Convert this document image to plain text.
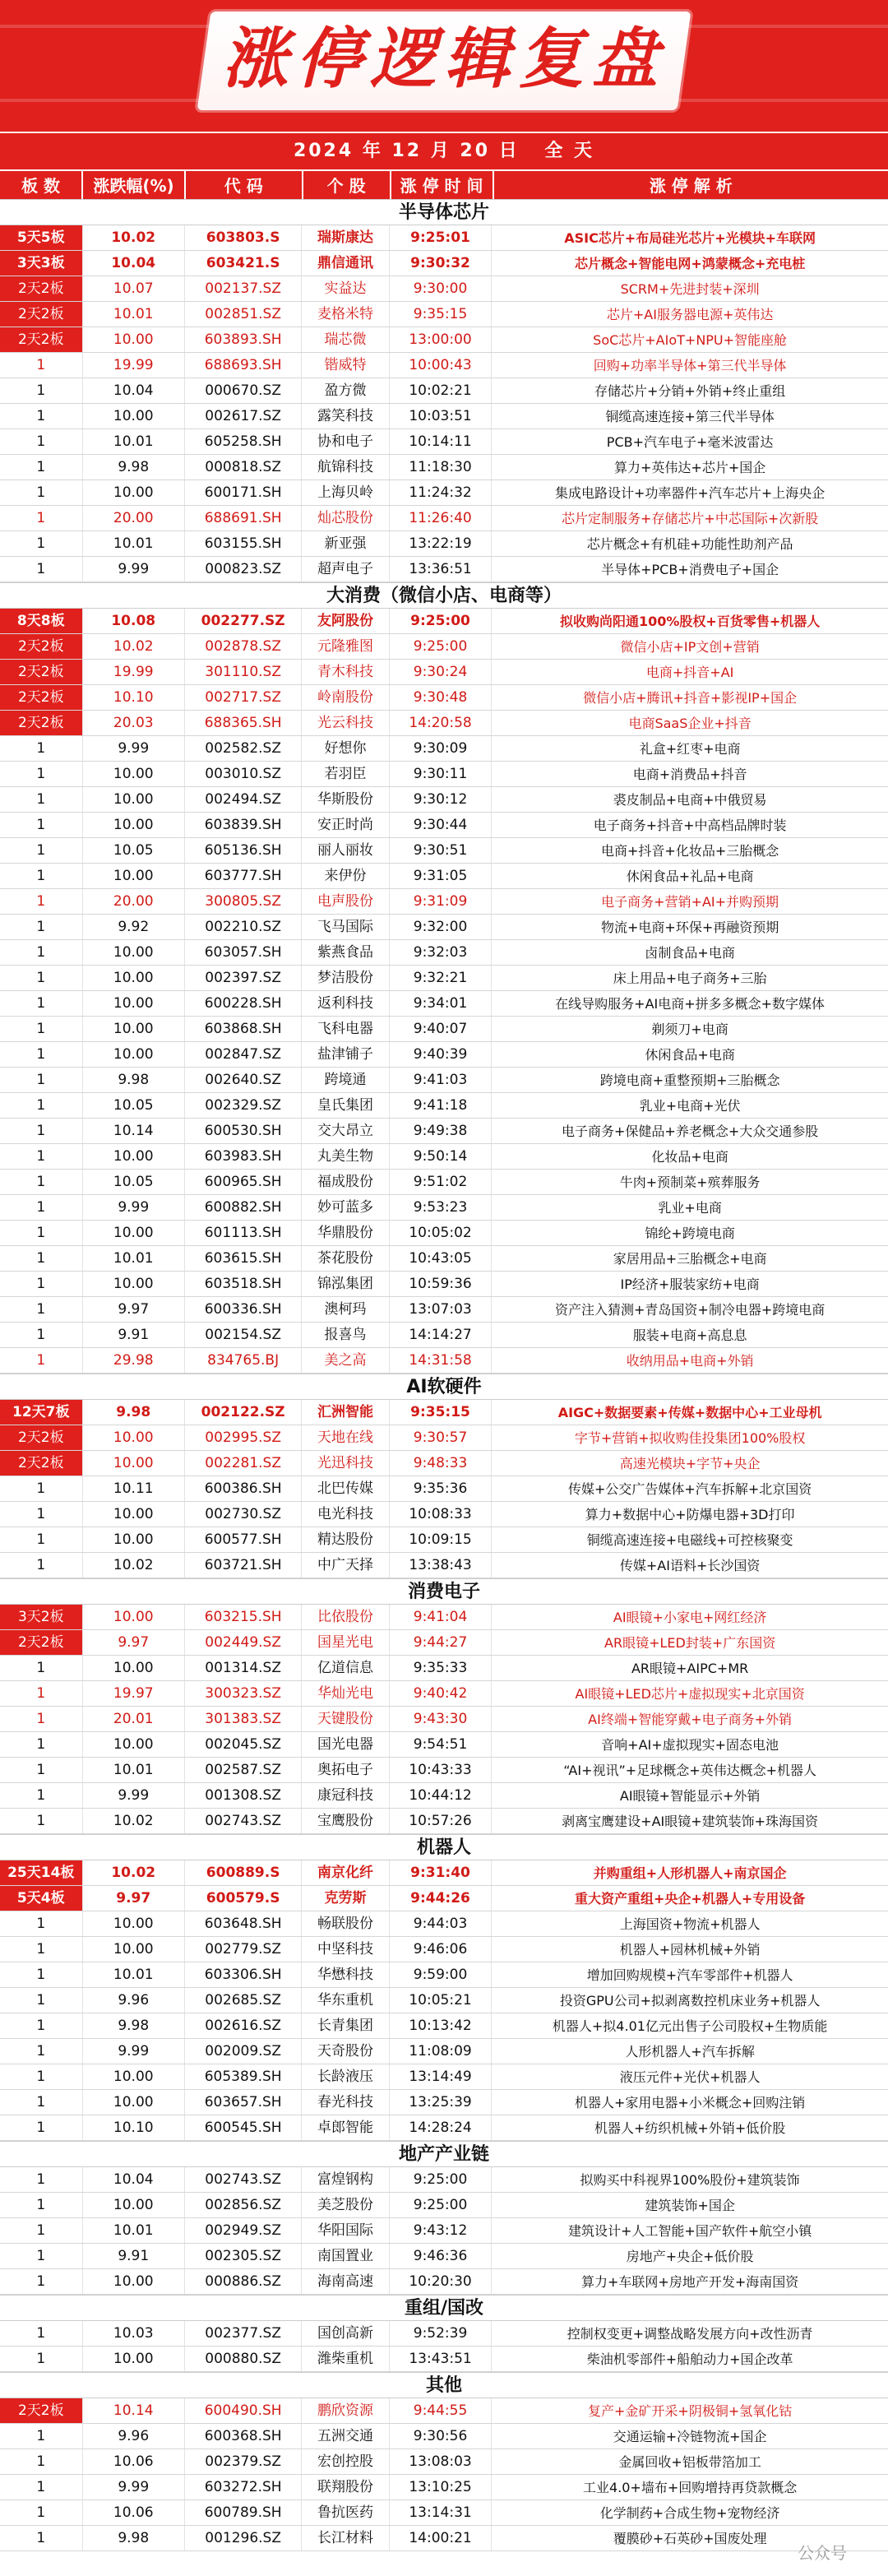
涨停逻辑复盘
2024 年 12 月 20 日 全 天
板 数	涨跌幅(%)	代 码	个 股	涨 停 时 间	涨 停 解 析
半导体芯片
5天5板	10.02	603803.S	瑞斯康达	9:25:01	ASIC芯片+布局硅光芯片+光模块+车联网
3天3板	10.04	603421.S	鼎信通讯	9:30:32	芯片概念+智能电网+鸿蒙概念+充电桩
2天2板	10.07	002137.SZ	实益达	9:30:00	SCRM+先进封装+深圳
2天2板	10.01	002851.SZ	麦格米特	9:35:15	芯片+AI服务器电源+英伟达
2天2板	10.00	603893.SH	瑞芯微	13:00:00	SoC芯片+AIoT+NPU+智能座舱
1	19.99	688693.SH	锴威特	10:00:43	回购+功率半导体+第三代半导体
1	10.04	000670.SZ	盈方微	10:02:21	存储芯片+分销+外销+终止重组
1	10.00	002617.SZ	露笑科技	10:03:51	铜缆高速连接+第三代半导体
1	10.01	605258.SH	协和电子	10:14:11	PCB+汽车电子+毫米波雷达
1	9.98	000818.SZ	航锦科技	11:18:30	算力+英伟达+芯片+国企
1	10.00	600171.SH	上海贝岭	11:24:32	集成电路设计+功率器件+汽车芯片+上海央企
1	20.00	688691.SH	灿芯股份	11:26:40	芯片定制服务+存储芯片+中芯国际+次新股
1	10.01	603155.SH	新亚强	13:22:19	芯片概念+有机硅+功能性助剂产品
1	9.99	000823.SZ	超声电子	13:36:51	半导体+PCB+消费电子+国企
大消费（微信小店、电商等）
8天8板	10.08	002277.SZ	友阿股份	9:25:00	拟收购尚阳通100%股权+百货零售+机器人
2天2板	10.02	002878.SZ	元隆雅图	9:25:00	微信小店+IP文创+营销
2天2板	19.99	301110.SZ	青木科技	9:30:24	电商+抖音+AI
2天2板	10.10	002717.SZ	岭南股份	9:30:48	微信小店+腾讯+抖音+影视IP+国企
2天2板	20.03	688365.SH	光云科技	14:20:58	电商SaaS企业+抖音
1	9.99	002582.SZ	好想你	9:30:09	礼盒+红枣+电商
1	10.00	003010.SZ	若羽臣	9:30:11	电商+消费品+抖音
1	10.00	002494.SZ	华斯股份	9:30:12	裘皮制品+电商+中俄贸易
1	10.00	603839.SH	安正时尚	9:30:44	电子商务+抖音+中高档品牌时装
1	10.05	605136.SH	丽人丽妆	9:30:51	电商+抖音+化妆品+三胎概念
1	10.00	603777.SH	来伊份	9:31:05	休闲食品+礼品+电商
1	20.00	300805.SZ	电声股份	9:31:09	电子商务+营销+AI+并购预期
1	9.92	002210.SZ	飞马国际	9:32:00	物流+电商+环保+再融资预期
1	10.00	603057.SH	紫燕食品	9:32:03	卤制食品+电商
1	10.00	002397.SZ	梦洁股份	9:32:21	床上用品+电子商务+三胎
1	10.00	600228.SH	返利科技	9:34:01	在线导购服务+AI电商+拼多多概念+数字媒体
1	10.00	603868.SH	飞科电器	9:40:07	剃须刀+电商
1	10.00	002847.SZ	盐津铺子	9:40:39	休闲食品+电商
1	9.98	002640.SZ	跨境通	9:41:03	跨境电商+重整预期+三胎概念
1	10.05	002329.SZ	皇氏集团	9:41:18	乳业+电商+光伏
1	10.14	600530.SH	交大昂立	9:49:38	电子商务+保健品+养老概念+大众交通参股
1	10.00	603983.SH	丸美生物	9:50:14	化妆品+电商
1	10.05	600965.SH	福成股份	9:51:02	牛肉+预制菜+殡葬服务
1	9.99	600882.SH	妙可蓝多	9:53:23	乳业+电商
1	10.00	601113.SH	华鼎股份	10:05:02	锦纶+跨境电商
1	10.01	603615.SH	茶花股份	10:43:05	家居用品+三胎概念+电商
1	10.00	603518.SH	锦泓集团	10:59:36	IP经济+服装家纺+电商
1	9.97	600336.SH	澳柯玛	13:07:03	资产注入猜测+青岛国资+制冷电器+跨境电商
1	9.91	002154.SZ	报喜鸟	14:14:27	服装+电商+高息息
1	29.98	834765.BJ	美之高	14:31:58	收纳用品+电商+外销
AI软硬件
12天7板	9.98	002122.SZ	汇洲智能	9:35:15	AIGC+数据要素+传媒+数据中心+工业母机
2天2板	10.00	002995.SZ	天地在线	9:30:57	字节+营销+拟收购佳投集团100%股权
2天2板	10.00	002281.SZ	光迅科技	9:48:33	高速光模块+字节+央企
1	10.11	600386.SH	北巴传媒	9:35:36	传媒+公交广告媒体+汽车拆解+北京国资
1	10.00	002730.SZ	电光科技	10:08:33	算力+数据中心+防爆电器+3D打印
1	10.00	600577.SH	精达股份	10:09:15	铜缆高速连接+电磁线+可控核聚变
1	10.02	603721.SH	中广天择	13:38:43	传媒+AI语料+长沙国资
消费电子
3天2板	10.00	603215.SH	比依股份	9:41:04	AI眼镜+小家电+网红经济
2天2板	9.97	002449.SZ	国星光电	9:44:27	AR眼镜+LED封装+广东国资
1	10.00	001314.SZ	亿道信息	9:35:33	AR眼镜+AIPC+MR
1	19.97	300323.SZ	华灿光电	9:40:42	AI眼镜+LED芯片+虚拟现实+北京国资
1	20.01	301383.SZ	天键股份	9:43:30	AI终端+智能穿戴+电子商务+外销
1	10.00	002045.SZ	国光电器	9:54:51	音响+AI+虚拟现实+固态电池
1	10.01	002587.SZ	奥拓电子	10:43:33	“AI+视讯”+足球概念+英伟达概念+机器人
1	9.99	001308.SZ	康冠科技	10:44:12	AI眼镜+智能显示+外销
1	10.02	002743.SZ	宝鹰股份	10:57:26	剥离宝鹰建设+AI眼镜+建筑装饰+珠海国资
机器人
25天14板	10.02	600889.S	南京化纤	9:31:40	并购重组+人形机器人+南京国企
5天4板	9.97	600579.S	克劳斯	9:44:26	重大资产重组+央企+机器人+专用设备
1	10.00	603648.SH	畅联股份	9:44:03	上海国资+物流+机器人
1	10.00	002779.SZ	中坚科技	9:46:06	机器人+园林机械+外销
1	10.01	603306.SH	华懋科技	9:59:00	增加回购规模+汽车零部件+机器人
1	9.96	002685.SZ	华东重机	10:05:21	投资GPU公司+拟剥离数控机床业务+机器人
1	9.98	002616.SZ	长青集团	10:13:42	机器人+拟4.01亿元出售子公司股权+生物质能
1	9.99	002009.SZ	天奇股份	11:08:09	人形机器人+汽车拆解
1	10.00	605389.SH	长龄液压	13:14:49	液压元件+光伏+机器人
1	10.00	603657.SH	春光科技	13:25:39	机器人+家用电器+小米概念+回购注销
1	10.10	600545.SH	卓郎智能	14:28:24	机器人+纺织机械+外销+低价股
地产产业链
1	10.04	002743.SZ	富煌钢构	9:25:00	拟购买中科视界100%股份+建筑装饰
1	10.00	002856.SZ	美芝股份	9:25:00	建筑装饰+国企
1	10.01	002949.SZ	华阳国际	9:43:12	建筑设计+人工智能+国产软件+航空小镇
1	9.91	002305.SZ	南国置业	9:46:36	房地产+央企+低价股
1	10.00	000886.SZ	海南高速	10:20:30	算力+车联网+房地产开发+海南国资
重组/国改
1	10.03	002377.SZ	国创高新	9:52:39	控制权变更+调整战略发展方向+改性沥青
1	10.00	000880.SZ	潍柴重机	13:43:51	柴油机零部件+船舶动力+国企改革
其他
2天2板	10.14	600490.SH	鹏欣资源	9:44:55	复产+金矿开采+阴极铜+氢氧化钴
1	9.96	600368.SH	五洲交通	9:30:56	交通运输+冷链物流+国企
1	10.06	002379.SZ	宏创控股	13:08:03	金属回收+铝板带箔加工
1	9.99	603272.SH	联翔股份	13:10:25	工业4.0+墙布+回购增持再贷款概念
1	10.06	600789.SH	鲁抗医药	13:14:31	化学制药+合成生物+宠物经济
1	9.98	001296.SZ	长江材料	14:00:21	覆膜砂+石英砂+国废处理
公众号
